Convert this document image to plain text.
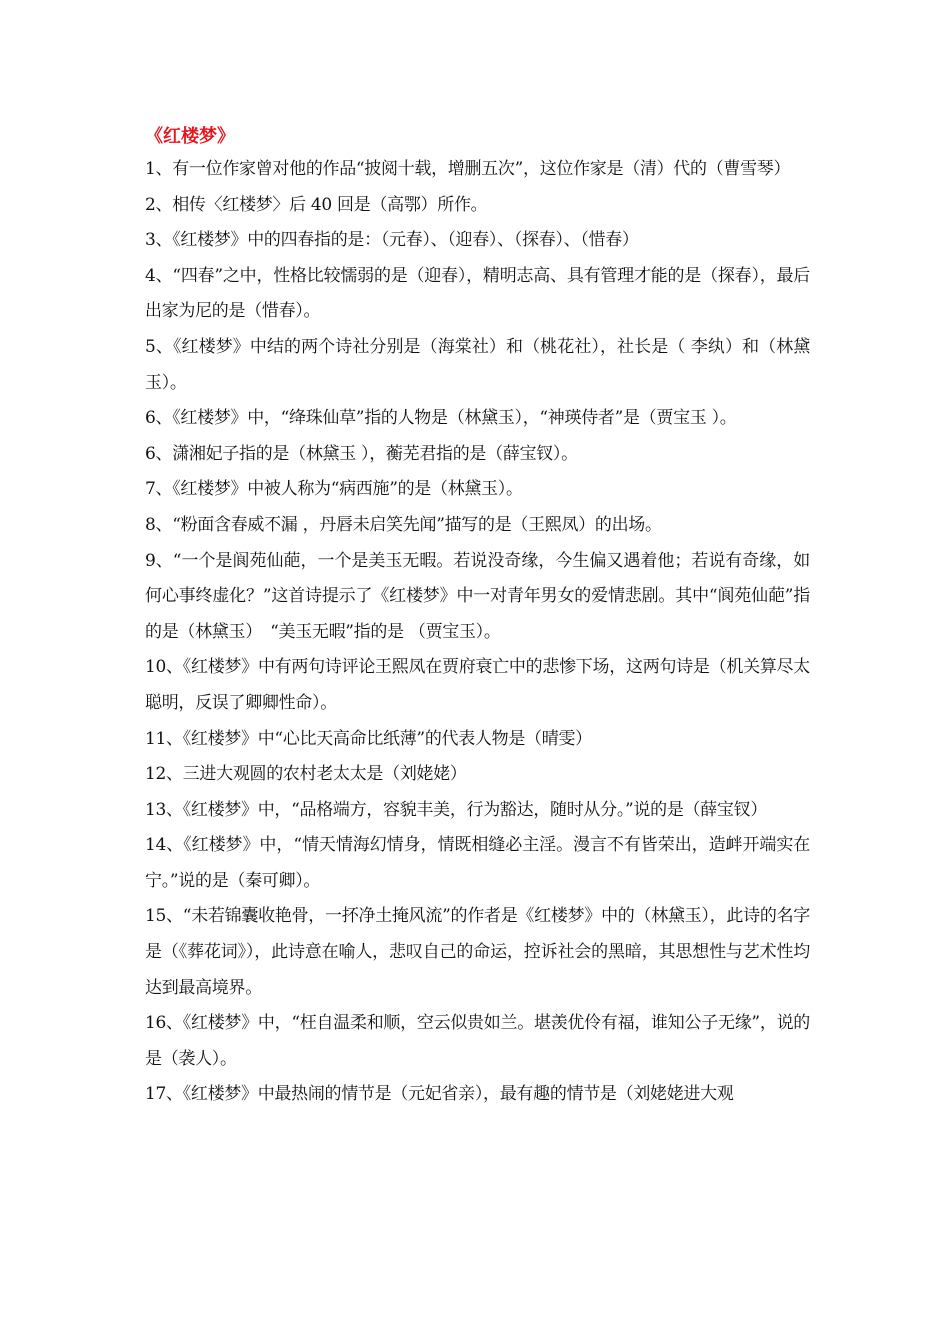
《红楼梦》

1、有一位作家曾对他的作品“披阅十载，增删五次”，这位作家是（清）代的（曹雪琴）

2、相传〈红楼梦〉后 40 回是（高鄂）所作。

3、《红楼梦》中的四春指的是：（元春）、（迎春）、（探春）、（惜春）

4、“四春”之中，性格比较懦弱的是（迎春），精明志高、具有管理才能的是（探春），最后出家为尼的是（惜春）。

5、《红楼梦》中结的两个诗社分别是（海棠社）和（桃花社），社长是（ 李纨）和（林黛玉）。

6、《红楼梦》中，“绛珠仙草”指的人物是（林黛玉），“神瑛侍者”是（贾宝玉 ）。

6、潇湘妃子指的是（林黛玉 ），蘅芜君指的是（薛宝钗）。

7、《红楼梦》中被人称为“病西施”的是（林黛玉）。

8、“粉面含春威不漏 ，丹唇未启笑先闻”描写的是（王熙凤）的出场。

9、“一个是阆苑仙葩，一个是美玉无暇。若说没奇缘，今生偏又遇着他；若说有奇缘，如何心事终虚化？”这首诗提示了《红楼梦》中一对青年男女的爱情悲剧。其中“阆苑仙葩”指的是（林黛玉）　“美玉无暇”指的是 （贾宝玉）。

10、《红楼梦》中有两句诗评论王熙凤在贾府衰亡中的悲惨下场，这两句诗是（机关算尽太聪明，反误了卿卿性命）。

11、《红楼梦》中“心比天高命比纸薄”的代表人物是（晴雯）

12、三进大观圆的农村老太太是（刘姥姥）

13、《红楼梦》中，“品格端方，容貌丰美，行为豁达，随时从分。”说的是（薛宝钗）

14、《红楼梦》中，“情天情海幻情身，情既相缝必主淫。漫言不有皆荣出，造衅开端实在宁。”说的是（秦可卿）。

15、“未若锦囊收艳骨，一抔净土掩风流”的作者是《红楼梦》中的（林黛玉），此诗的名字是（《葬花词》），此诗意在喻人，悲叹自己的命运，控诉社会的黑暗，其思想性与艺术性均达到最高境界。

16、《红楼梦》中，“枉自温柔和顺，空云似贵如兰。堪羡优伶有福，谁知公子无缘”，说的是（袭人）。

17、《红楼梦》中最热闹的情节是（元妃省亲），最有趣的情节是（刘姥姥进大观
